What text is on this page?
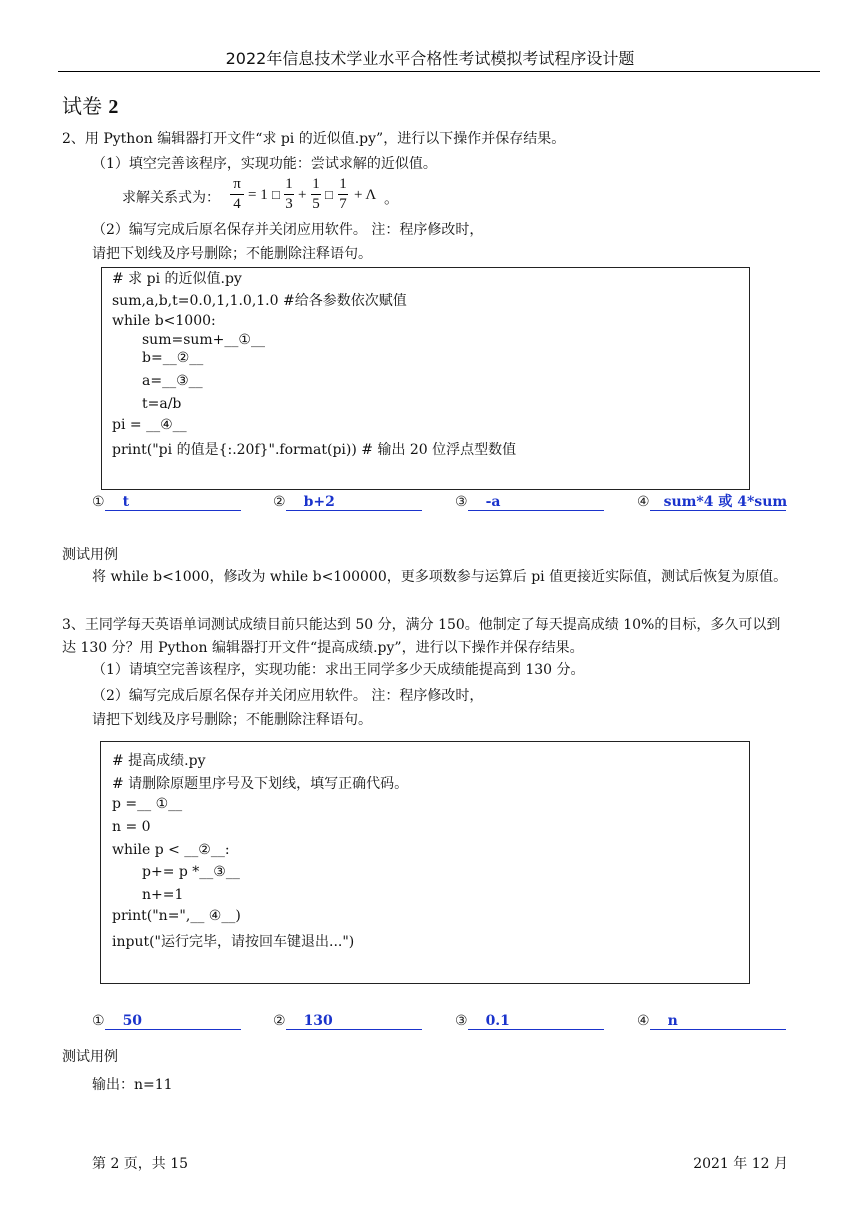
2022年信息技术学业水平合格性考试模拟考试程序设计题
试卷 2
2、用 Python 编辑器打开文件“求 pi 的近似值.py”，进行以下操作并保存结果。
（1）填空完善该程序，实现功能：尝试求解的近似值。
求解关系式为：
π
4
= 1 □
1
3
+
1
5
□
1
7
+ Λ 。
（2）编写完成后原名保存并关闭应用软件。 注：程序修改时，
请把下划线及序号删除；不能删除注释语句。
# 求 pi 的近似值.py
sum,a,b,t=0.0,1,1.0,1.0 #给各参数依次赋值
while b<1000:
sum=sum+__①__
b=__②__
a=__③__
t=a/b
pi = __④__
print("pi 的值是{:.20f}".format(pi)) # 输出 20 位浮点型数值
① t	② b+2	③ -a	④ sum*4 或 4*sum
测试用例
将 while b<1000，修改为 while b<100000，更多项数参与运算后 pi 值更接近实际值，测试后恢复为原值。
3、王同学每天英语单词测试成绩目前只能达到 50 分，满分 150。他制定了每天提高成绩 10%的目标，多久可以到
达 130 分？用 Python 编辑器打开文件“提高成绩.py”，进行以下操作并保存结果。
（1）请填空完善该程序，实现功能：求出王同学多少天成绩能提高到 130 分。
（2）编写完成后原名保存并关闭应用软件。 注：程序修改时，
请把下划线及序号删除；不能删除注释语句。
# 提高成绩.py
# 请删除原题里序号及下划线，填写正确代码。
p =__ ①__
n = 0
while p < __②__:
p+= p *__③__
n+=1
print("n=",__ ④__)
input("运行完毕，请按回车键退出...")
① 50	② 130	③ 0.1	④ n
测试用例
输出：n=11
第 2 页，共 15	2021 年 12 月
